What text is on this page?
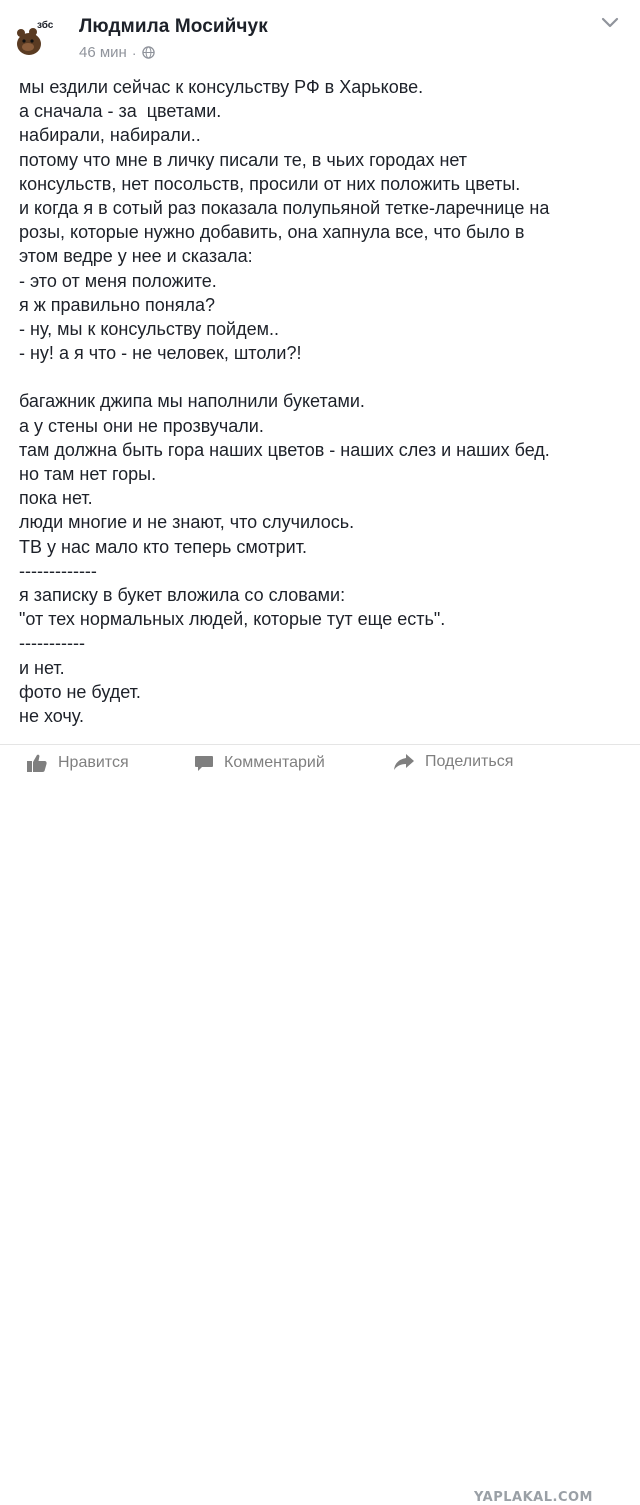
збс Людмила Мосийчук
46 мин ·
мы ездили сейчас к консульству РФ в Харькове.
а сначала - за  цветами.
набирали, набирали..
потому что мне в личку писали те, в чьих городах нет
консульств, нет посольств, просили от них положить цветы.
и когда я в сотый раз показала полупьяной тетке-ларечнице на
розы, которые нужно добавить, она хапнула все, что было в
этом ведре у нее и сказала:
- это от меня положите.
я ж правильно поняла?
- ну, мы к консульству пойдем..
- ну! а я что - не человек, штоли?!
багажник джипа мы наполнили букетами.
а у стены они не прозвучали.
там должна быть гора наших цветов - наших слез и наших бед.
но там нет горы.
пока нет.
люди многие и не знают, что случилось.
ТВ у нас мало кто теперь смотрит.
-------------
я записку в букет вложила со словами:
"от тех нормальных людей, которые тут еще есть".
-----------
и нет.
фото не будет.
не хочу.
Нравится	Комментарий	Поделиться
YAPLAKAL.COM
